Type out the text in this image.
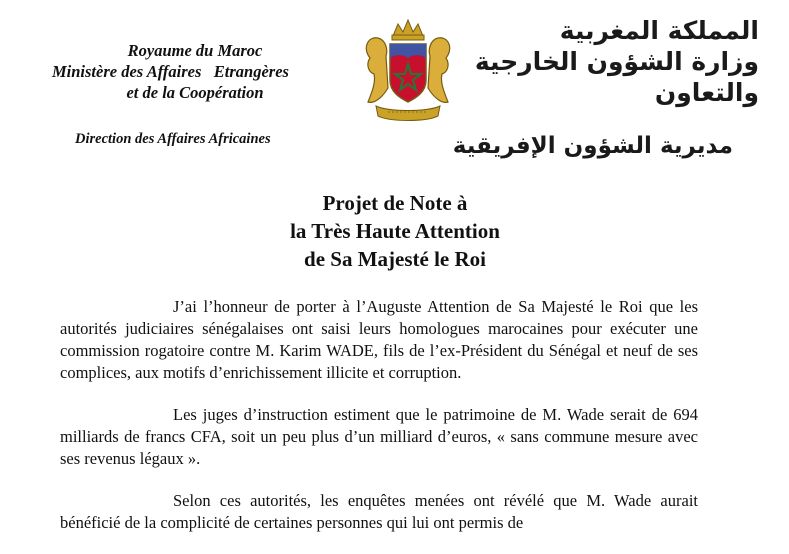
Royaume du Maroc
Ministère des Affaires   Etrangères
et de la Coopération
Direction des Affaires Africaines
المملكة المغربية
وزارة الشؤون الخارجية
والتعاون
مديرية الشؤون الإفريقية
Projet de Note à
la Très Haute Attention
de Sa Majesté le Roi

J’ai l’honneur de porter à l’Auguste Attention de Sa Majesté le Roi que les autorités judiciaires sénégalaises ont saisi leurs homologues marocaines pour exécuter une commission rogatoire contre M. Karim WADE, fils de l’ex-Président du Sénégal et neuf de ses complices, aux motifs d’enrichissement illicite et corruption.

Les juges d’instruction estiment que le patrimoine de M. Wade serait de 694 milliards de francs CFA, soit un peu plus d’un milliard d’euros, « sans commune mesure avec ses revenus légaux ».

Selon ces autorités, les enquêtes menées ont révélé que M. Wade aurait bénéficié de la complicité de certaines personnes qui lui ont permis de
